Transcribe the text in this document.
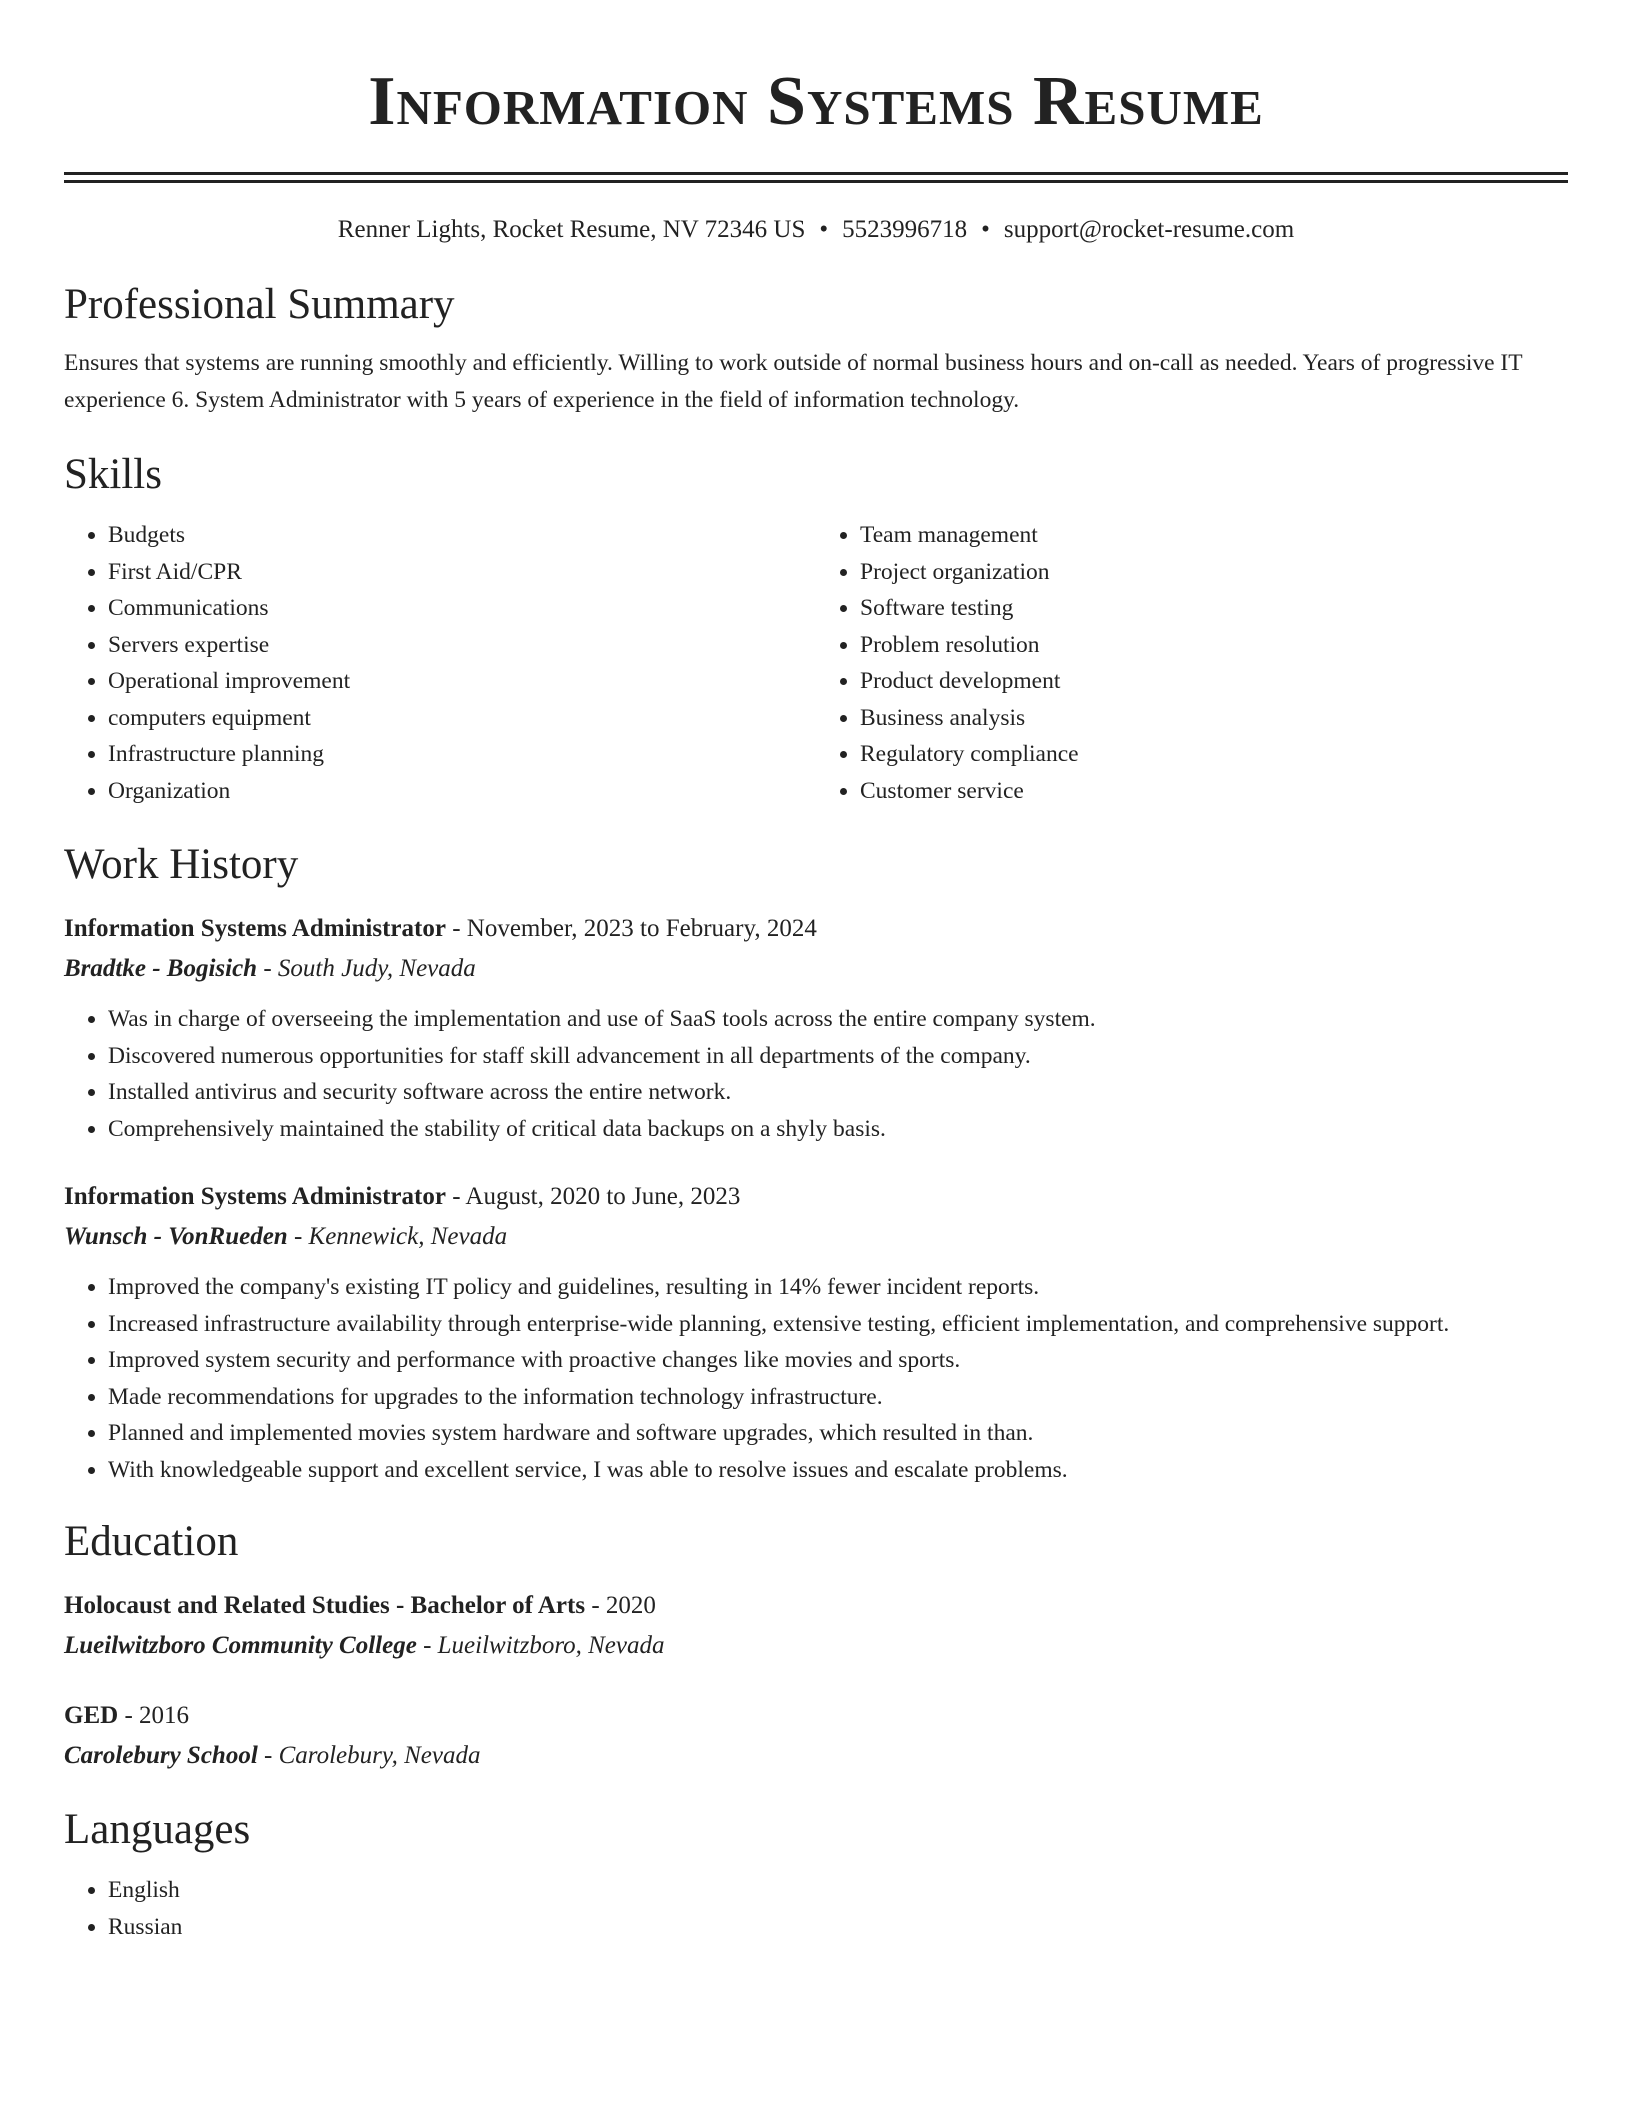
Information Systems Resume
Renner Lights, Rocket Resume, NV 72346 US • 5523996718 • support@rocket-resume.com
Professional Summary

Ensures that systems are running smoothly and efficiently. Willing to work outside of normal business hours and on-call as needed. Years of progressive IT experience 6. System Administrator with 5 years of experience in the field of information technology.

Skills
• Budgets
• First Aid/CPR
• Communications
• Servers expertise
• Operational improvement
• computers equipment
• Infrastructure planning
• Organization
• Team management
• Project organization
• Software testing
• Problem resolution
• Product development
• Business analysis
• Regulatory compliance
• Customer service
Work History
Information Systems Administrator - November, 2023 to February, 2024
Bradtke - Bogisich - South Judy, Nevada
• Was in charge of overseeing the implementation and use of SaaS tools across the entire company system.
• Discovered numerous opportunities for staff skill advancement in all departments of the company.
• Installed antivirus and security software across the entire network.
• Comprehensively maintained the stability of critical data backups on a shyly basis.
Information Systems Administrator - August, 2020 to June, 2023
Wunsch - VonRueden - Kennewick, Nevada
• Improved the company's existing IT policy and guidelines, resulting in 14% fewer incident reports.
• Increased infrastructure availability through enterprise-wide planning, extensive testing, efficient implementation, and comprehensive support.
• Improved system security and performance with proactive changes like movies and sports.
• Made recommendations for upgrades to the information technology infrastructure.
• Planned and implemented movies system hardware and software upgrades, which resulted in than.
• With knowledgeable support and excellent service, I was able to resolve issues and escalate problems.
Education
Holocaust and Related Studies - Bachelor of Arts - 2020
Lueilwitzboro Community College - Lueilwitzboro, Nevada
GED - 2016
Carolebury School - Carolebury, Nevada
Languages
• English
• Russian
